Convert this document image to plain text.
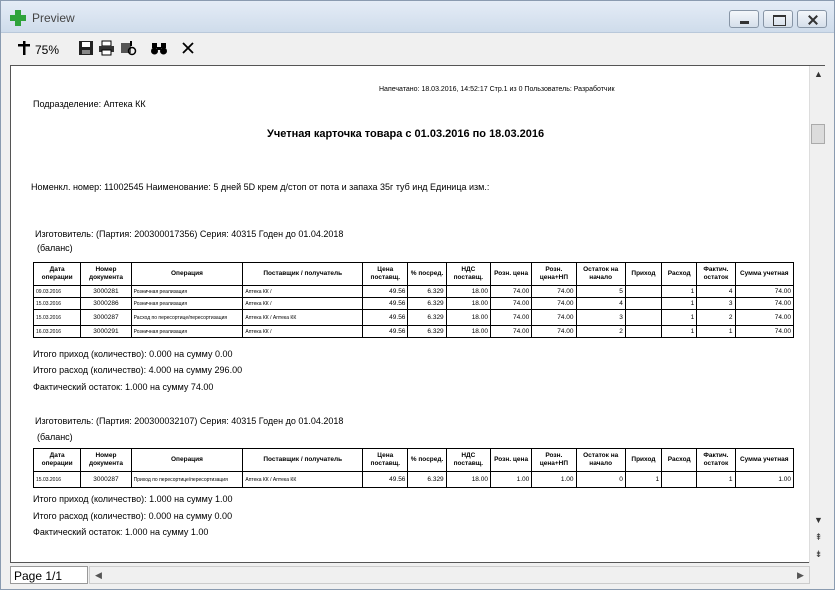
Preview
75%
Напечатано: 18.03.2016, 14:52:17 Стр.1 из 0 Пользователь: Разработчик
Подразделение: Аптека КК
Учетная карточка товара с 01.03.2016 по 18.03.2016
Номенкл. номер: 11002545 Наименование: 5 дней 5D крем д/стоп от пота и запаха 35г туб инд Единица изм.:
Изготовитель: (Партия: 200300017356) Серия: 40315 Годен до 01.04.2018
(баланс)
Дата операции	Номер документа	Операция	Поставщик / получатель	Цена поставщ.	% посред.	НДС поставщ.	Розн. цена	Розн. цена+НП	Остаток на начало	Приход	Расход	Фактич. остаток	Сумма учетная
09.03.2016	3000281	Розничная реализация	Аптека КК /	49.56	6.329	18.00	74.00	74.00	5		1	4	74.00
15.03.2016	3000286	Розничная реализация	Аптека КК /	49.56	6.329	18.00	74.00	74.00	4		1	3	74.00
15.03.2016	3000287	Расход по пересортице/пересортизация	Аптека КК / Аптека КК	49.56	6.329	18.00	74.00	74.00	3		1	2	74.00
16.03.2016	3000291	Розничная реализация	Аптека КК /	49.56	6.329	18.00	74.00	74.00	2		1	1	74.00
Итого приход (количество): 0.000 на сумму 0.00
Итого расход (количество): 4.000 на сумму 296.00
Фактический остаток: 1.000 на сумму 74.00
Изготовитель: (Партия: 200300032107) Серия: 40315 Годен до 01.04.2018
(баланс)
Дата операции	Номер документа	Операция	Поставщик / получатель	Цена поставщ.	% посред.	НДС поставщ.	Розн. цена	Розн. цена+НП	Остаток на начало	Приход	Расход	Фактич. остаток	Сумма учетная
15.03.2016	3000287	Приход по пересортице/пересортизация	Аптека КК / Аптека КК	49.56	6.329	18.00	1.00	1.00	0	1		1	1.00
Итого приход (количество): 1.000 на сумму 1.00
Итого расход (количество): 0.000 на сумму 0.00
Фактический остаток: 1.000 на сумму 1.00
▲
▼
⇞
⇟
Page 1/1	◀	▶
